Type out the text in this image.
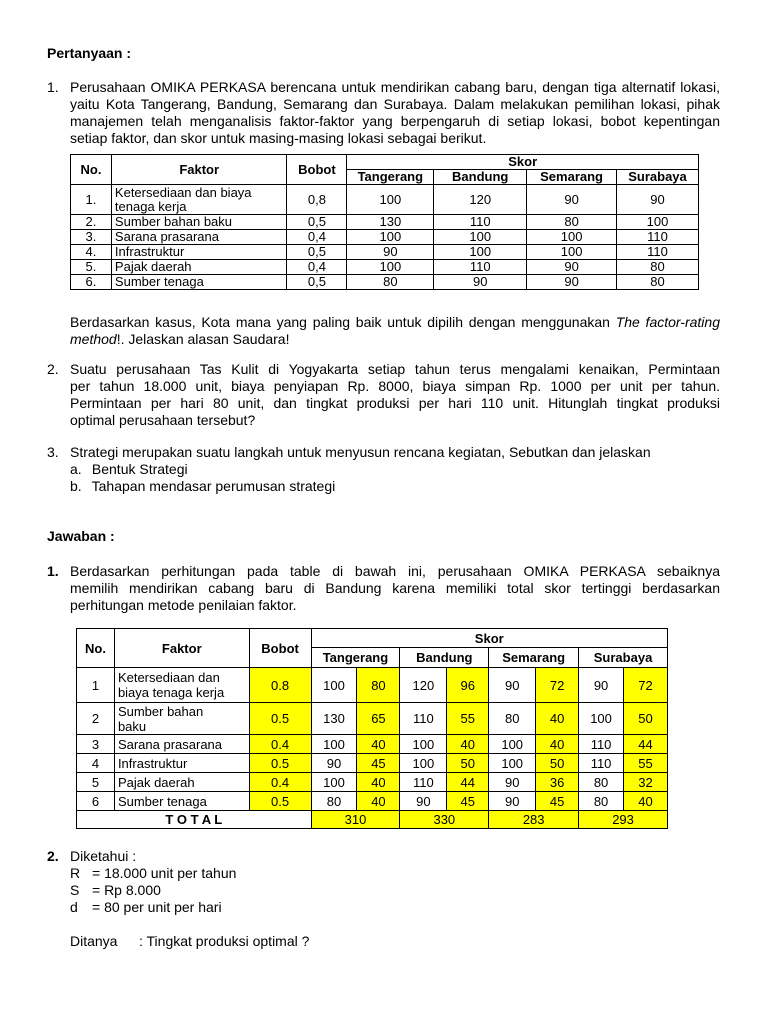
Pertanyaan :
1. Perusahaan OMIKA PERKASA berencana untuk mendirikan cabang baru, dengan tiga alternatif lokasi,

yaitu Kota Tangerang, Bandung, Semarang dan Surabaya. Dalam melakukan pemilihan lokasi, pihak

manajemen telah menganalisis faktor-faktor yang berpengaruh di setiap lokasi, bobot kepentingan

setiap faktor, dan skor untuk masing-masing lokasi sebagai berikut.

No.	Faktor	Bobot	Skor			
			Tangerang	Bandung	Semarang	Surabaya
1.	Ketersediaan dan biaya
tenaga kerja	0,8	100	120	90	90
2.	Sumber bahan baku	0,5	130	110	80	100
3.	Sarana prasarana	0,4	100	100	100	110
4.	Infrastruktur	0,5	90	100	100	110
5.	Pajak daerah	0,4	100	110	90	80
6.	Sumber tenaga	0,5	80	90	90	80

Berdasarkan kasus, Kota mana yang paling baik untuk dipilih dengan menggunakan The factor-rating

method!. Jelaskan alasan Saudara!

2. Suatu perusahaan Tas Kulit di Yogyakarta setiap tahun terus mengalami kenaikan, Permintaan

per tahun 18.000 unit, biaya penyiapan Rp. 8000, biaya simpan Rp. 1000 per unit per tahun.

Permintaan per hari 80 unit, dan tingkat produksi per hari 110 unit. Hitunglah tingkat produksi

optimal perusahaan tersebut?

3. Strategi merupakan suatu langkah untuk menyusun rencana kegiatan, Sebutkan dan jelaskan
a. Bentuk Strategi
b. Tahapan mendasar perumusan strategi
Jawaban :
1. Berdasarkan perhitungan pada table di bawah ini, perusahaan OMIKA PERKASA sebaiknya

memilih mendirikan cabang baru di Bandung karena memiliki total skor tertinggi berdasarkan

perhitungan metode penilaian faktor.

No.	Faktor	Bobot	Skor							
			Tangerang		Bandung		Semarang		Surabaya	
1	Ketersediaan dan
biaya tenaga kerja	0.8	100	80	120	96	90	72	90	72
2	Sumber bahan
baku	0.5	130	65	110	55	80	40	100	50
3	Sarana prasarana	0.4	100	40	100	40	100	40	110	44
4	Infrastruktur	0.5	90	45	100	50	100	50	110	55
5	Pajak daerah	0.4	100	40	110	44	90	36	80	32
6	Sumber tenaga	0.5	80	40	90	45	90	45	80	40
T O T A L			310		330		283		293	
2. Diketahui :
R = 18.000 unit per tahun
S = Rp 8.000
d = 80 per unit per hari
Ditanya : Tingkat produksi optimal ?
